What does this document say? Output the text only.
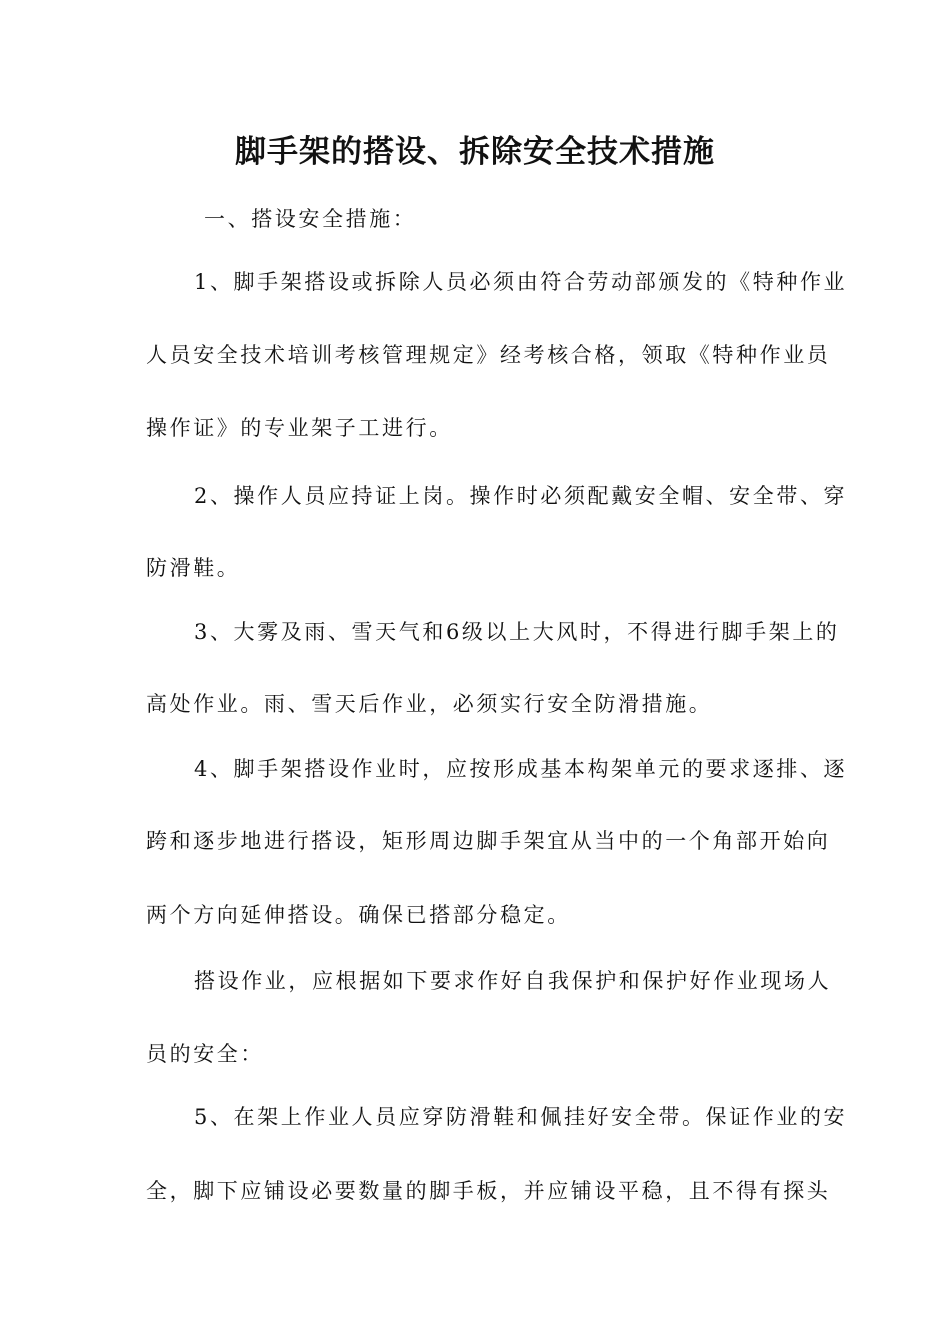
脚手架的搭设、拆除安全技术措施
一、搭设安全措施：
1、脚手架搭设或拆除人员必须由符合劳动部颁发的《特种作业
人员安全技术培训考核管理规定》经考核合格，领取《特种作业员
操作证》的专业架子工进行。
2、操作人员应持证上岗。操作时必须配戴安全帽、安全带、穿
防滑鞋。
3、大雾及雨、雪天气和6级以上大风时，不得进行脚手架上的
高处作业。雨、雪天后作业，必须实行安全防滑措施。
4、脚手架搭设作业时，应按形成基本构架单元的要求逐排、逐
跨和逐步地进行搭设，矩形周边脚手架宜从当中的一个角部开始向
两个方向延伸搭设。确保已搭部分稳定。
搭设作业，应根据如下要求作好自我保护和保护好作业现场人
员的安全：
5、在架上作业人员应穿防滑鞋和佩挂好安全带。保证作业的安
全，脚下应铺设必要数量的脚手板，并应铺设平稳，且不得有探头
